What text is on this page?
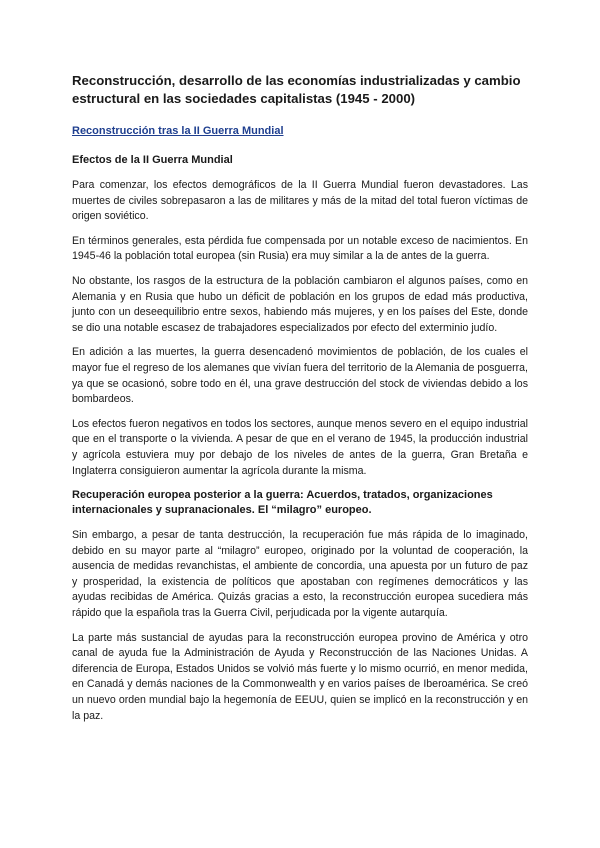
Reconstrucción, desarrollo de las economías industrializadas y cambio estructural en las sociedades capitalistas (1945 - 2000)
Reconstrucción tras la II Guerra Mundial
Efectos de la II Guerra Mundial

Para comenzar, los efectos demográficos de la II Guerra Mundial fueron devastadores. Las muertes de civiles sobrepasaron a las de militares y más de la mitad del total fueron víctimas de origen soviético.

En términos generales, esta pérdida fue compensada por un notable exceso de nacimientos. En 1945-46 la población total europea (sin Rusia) era muy similar a la de antes de la guerra.

No obstante, los rasgos de la estructura de la población cambiaron el algunos países, como en Alemania y en Rusia que hubo un déficit de población en los grupos de edad más productiva, junto con un deseequilibrio entre sexos, habiendo más mujeres, y en los países del Este, donde se dio una notable escasez de trabajadores especializados por efecto del exterminio judío.

En adición a las muertes, la guerra desencadenó movimientos de población, de los cuales el mayor fue el regreso de los alemanes que vivían fuera del territorio de la Alemania de posguerra, ya que se ocasionó, sobre todo en él, una grave destrucción del stock de viviendas debido a los bombardeos.

Los efectos fueron negativos en todos los sectores, aunque menos severo en el equipo industrial que en el transporte o la vivienda. A pesar de que en el verano de 1945, la producción industrial y agrícola estuviera muy por debajo de los niveles de antes de la guerra, Gran Bretaña e Inglaterra consiguieron aumentar la agrícola durante la misma.

Recuperación europea posterior a la guerra: Acuerdos, tratados, organizaciones internacionales y supranacionales. El “milagro” europeo.

Sin embargo, a pesar de tanta destrucción, la recuperación fue más rápida de lo imaginado, debido en su mayor parte al “milagro” europeo, originado por la voluntad de cooperación, la ausencia de medidas revanchistas, el ambiente de concordia, una apuesta por un futuro de paz y prosperidad, la existencia de políticos que apostaban con regímenes democráticos y las ayudas recibidas de América. Quizás gracias a esto, la reconstrucción europea sucediera más rápido que la española tras la Guerra Civil, perjudicada por la vigente autarquía.

La parte más sustancial de ayudas para la reconstrucción europea provino de América y otro canal de ayuda fue la Administración de Ayuda y Reconstrucción de las Naciones Unidas. A diferencia de Europa, Estados Unidos se volvió más fuerte y lo mismo ocurrió, en menor medida, en Canadá y demás naciones de la Commonwealth y en varios países de Iberoamérica. Se creó un nuevo orden mundial bajo la hegemonía de EEUU, quien se implicó en la reconstrucción y en la paz.
